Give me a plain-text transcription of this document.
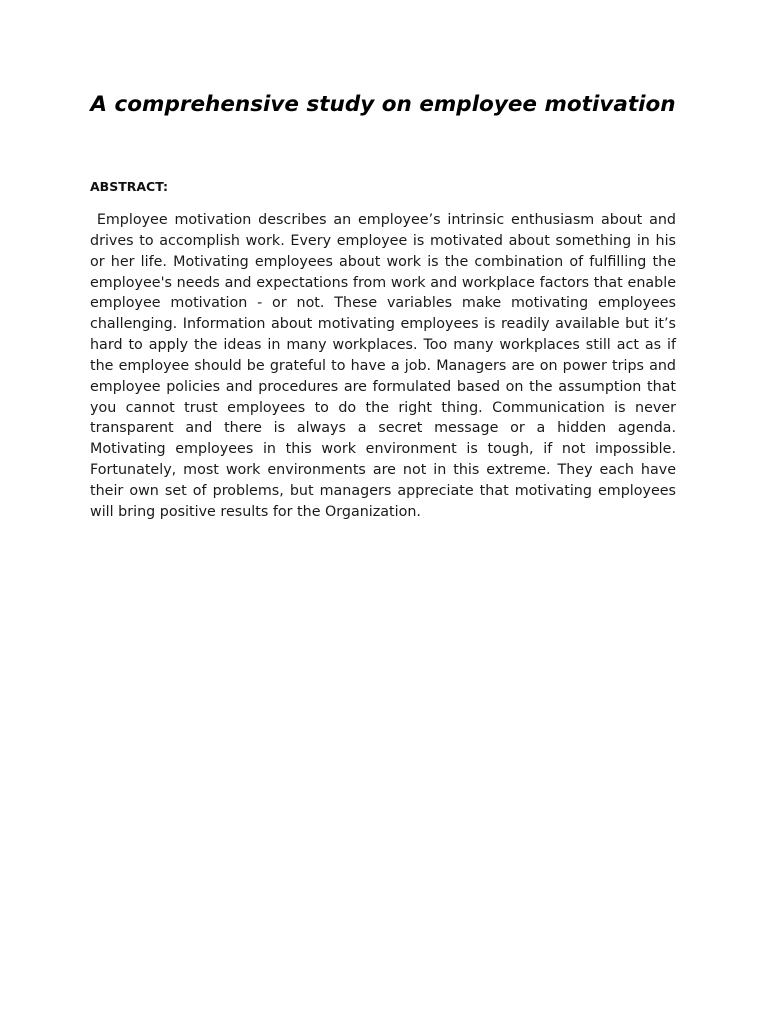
A comprehensive study on employee motivation
ABSTRACT:

Employee motivation describes an employee’s intrinsic enthusiasm about and drives to accomplish work. Every employee is motivated about something in his or her life. Motivating employees about work is the combination of fulfilling the employee's needs and expectations from work and workplace factors that enable employee motivation - or not. These variables make motivating employees challenging. Information about motivating employees is readily available but it’s hard to apply the ideas in many workplaces. Too many workplaces still act as if the employee should be grateful to have a job. Managers are on power trips and employee policies and procedures are formulated based on the assumption that you cannot trust employees to do the right thing. Communication is never transparent and there is always a secret message or a hidden agenda. Motivating employees in this work environment is tough, if not impossible. Fortunately, most work environments are not in this extreme. They each have their own set of problems, but managers appreciate that motivating employees will bring positive results for the Organization.
